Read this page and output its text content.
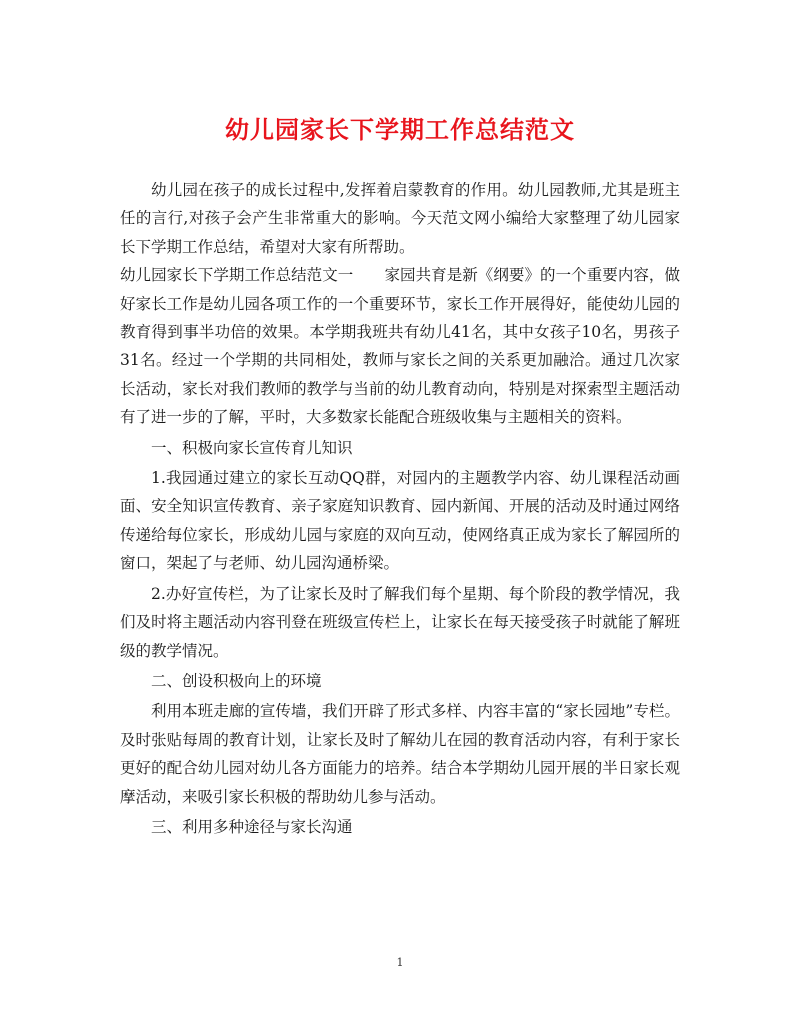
幼儿园家长下学期工作总结范文

幼儿园在孩子的成长过程中,发挥着启蒙教育的作用。幼儿园教师,尤其是班主任的言行,对孩子会产生非常重大的影响。今天范文网小编给大家整理了幼儿园家长下学期工作总结，希望对大家有所帮助。

幼儿园家长下学期工作总结范文一　　家园共育是新《纲要》的一个重要内容，做好家长工作是幼儿园各项工作的一个重要环节，家长工作开展得好，能使幼儿园的教育得到事半功倍的效果。本学期我班共有幼儿41名，其中女孩子10名，男孩子31名。经过一个学期的共同相处，教师与家长之间的关系更加融洽。通过几次家长活动，家长对我们教师的教学与当前的幼儿教育动向，特别是对探索型主题活动有了进一步的了解，平时，大多数家长能配合班级收集与主题相关的资料。

一、积极向家长宣传育儿知识

1.我园通过建立的家长互动QQ群，对园内的主题教学内容、幼儿课程活动画面、安全知识宣传教育、亲子家庭知识教育、园内新闻、开展的活动及时通过网络传递给每位家长，形成幼儿园与家庭的双向互动，使网络真正成为家长了解园所的窗口，架起了与老师、幼儿园沟通桥梁。

2.办好宣传栏，为了让家长及时了解我们每个星期、每个阶段的教学情况，我们及时将主题活动内容刊登在班级宣传栏上，让家长在每天接受孩子时就能了解班级的教学情况。

二、创设积极向上的环境

利用本班走廊的宣传墙，我们开辟了形式多样、内容丰富的“家长园地”专栏。及时张贴每周的教育计划，让家长及时了解幼儿在园的教育活动内容，有利于家长更好的配合幼儿园对幼儿各方面能力的培养。结合本学期幼儿园开展的半日家长观摩活动，来吸引家长积极的帮助幼儿参与活动。

三、利用多种途径与家长沟通

1
